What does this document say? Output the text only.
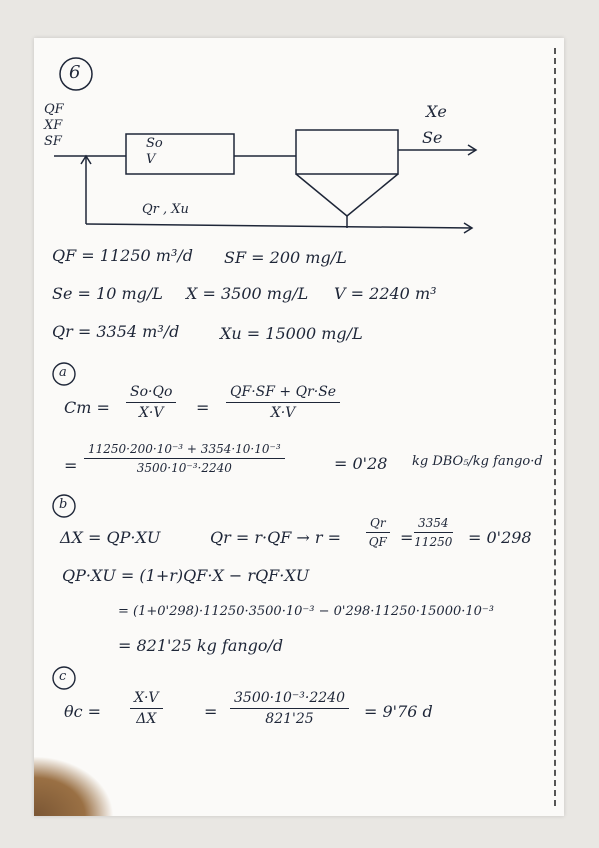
6
QF
XF
SF	So
V
Xe
Se
Qr , Xu
QF = 11250 m³/d SF = 200 mg/L
Se = 10 mg/L X = 3500 mg/L V = 2240 m³
Qr = 3354 m³/d	Xu = 15000 mg/L
a
$Cm = \frac{So\cdot Qo}{X\cdot V} = \frac{QF\cdot SF + Qr\cdot Se}{X\cdot V}$
= $\frac{\text{11250·200·10⁻³ + 3354·10·10⁻³}}{\text{3500·10⁻³·2240}}$	= 0'28 kg DBO₅/kg fango·d
b
ΔX = QP·XU	$Qr = r\cdot QF \to r = \frac{Qr}{QF} = \frac{3354}{11250} = 0'298$
QP·XU = (1+r)QF·X − rQF·XU
= (1+0'298)·11250·3500·10⁻³ − 0'298·11250·15000·10⁻³
= 821'25 kg fango/d
c
$\theta c = \frac{X\cdot V}{\Delta X}$	= $\frac{\text{3500·10⁻³·2240}}{821'25} = 9'76$ d
